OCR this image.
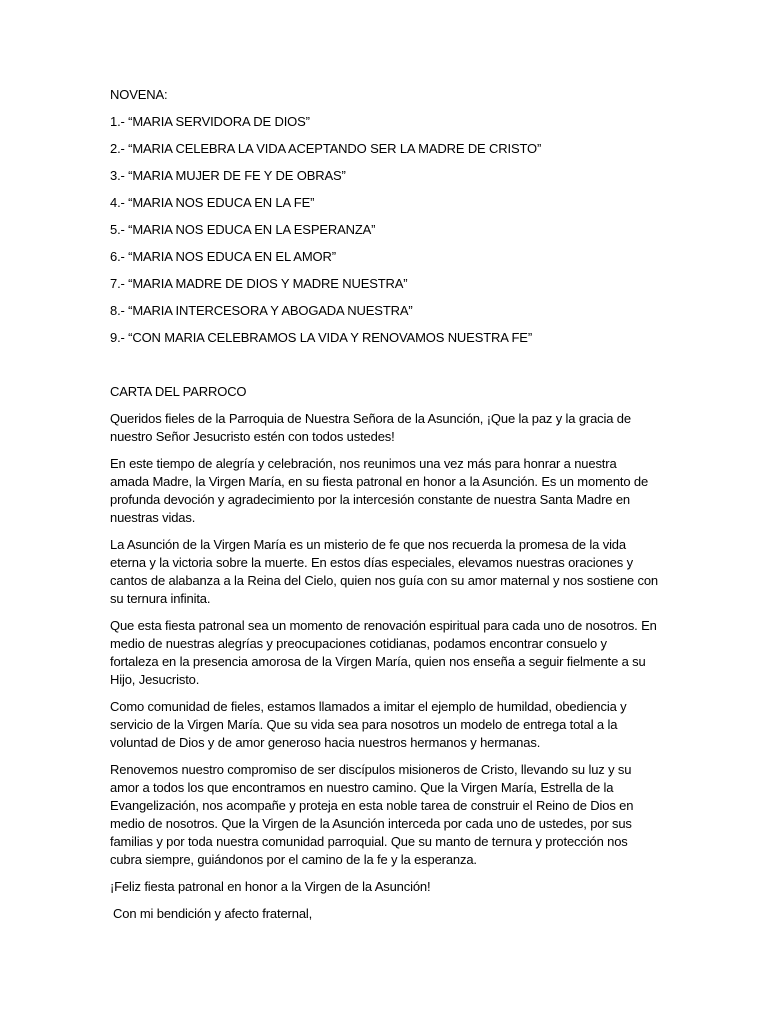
NOVENA:

1.- “MARIA SERVIDORA DE DIOS”
2.- “MARIA CELEBRA LA VIDA ACEPTANDO SER LA MADRE DE CRISTO”
3.- “MARIA MUJER DE FE Y DE OBRAS”
4.- “MARIA NOS EDUCA EN LA FE”
5.- “MARIA NOS EDUCA EN LA ESPERANZA”
6.- “MARIA NOS EDUCA EN EL AMOR”
7.- “MARIA MADRE DE DIOS Y MADRE NUESTRA”
8.- “MARIA INTERCESORA Y ABOGADA NUESTRA”
9.- “CON MARIA CELEBRAMOS LA VIDA Y RENOVAMOS NUESTRA FE”

CARTA DEL PARROCO

Queridos fieles de la Parroquia de Nuestra Señora de la Asunción, ¡Que la paz y la gracia de nuestro Señor Jesucristo estén con todos ustedes!

En este tiempo de alegría y celebración, nos reunimos una vez más para honrar a nuestra amada Madre, la Virgen María, en su fiesta patronal en honor a la Asunción. Es un momento de profunda devoción y agradecimiento por la intercesión constante de nuestra Santa Madre en nuestras vidas.

La Asunción de la Virgen María es un misterio de fe que nos recuerda la promesa de la vida eterna y la victoria sobre la muerte. En estos días especiales, elevamos nuestras oraciones y cantos de alabanza a la Reina del Cielo, quien nos guía con su amor maternal y nos sostiene con su ternura infinita.

Que esta fiesta patronal sea un momento de renovación espiritual para cada uno de nosotros. En medio de nuestras alegrías y preocupaciones cotidianas, podamos encontrar consuelo y fortaleza en la presencia amorosa de la Virgen María, quien nos enseña a seguir fielmente a su Hijo, Jesucristo.

Como comunidad de fieles, estamos llamados a imitar el ejemplo de humildad, obediencia y servicio de la Virgen María. Que su vida sea para nosotros un modelo de entrega total a la voluntad de Dios y de amor generoso hacia nuestros hermanos y hermanas.

Renovemos nuestro compromiso de ser discípulos misioneros de Cristo, llevando su luz y su amor a todos los que encontramos en nuestro camino. Que la Virgen María, Estrella de la Evangelización, nos acompañe y proteja en esta noble tarea de construir el Reino de Dios en medio de nosotros. Que la Virgen de la Asunción interceda por cada uno de ustedes, por sus familias y por toda nuestra comunidad parroquial. Que su manto de ternura y protección nos cubra siempre, guiándonos por el camino de la fe y la esperanza.

¡Feliz fiesta patronal en honor a la Virgen de la Asunción!

Con mi bendición y afecto fraternal,
